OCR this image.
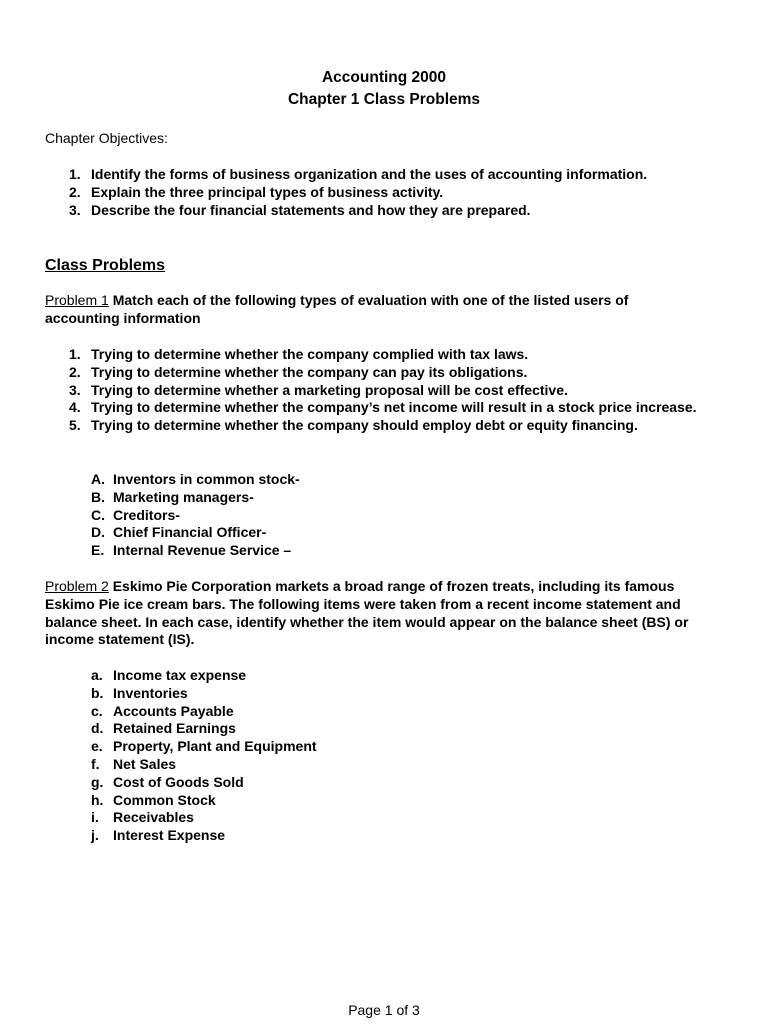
Accounting 2000
Chapter 1 Class Problems
Chapter Objectives:
1. Identify the forms of business organization and the uses of accounting information.
2. Explain the three principal types of business activity.
3. Describe the four financial statements and how they are prepared.
Class Problems
Problem 1 Match each of the following types of evaluation with one of the listed users of accounting information
1. Trying to determine whether the company complied with tax laws.
2. Trying to determine whether the company can pay its obligations.
3. Trying to determine whether a marketing proposal will be cost effective.
4. Trying to determine whether the company’s net income will result in a stock price increase.
5. Trying to determine whether the company should employ debt or equity financing.
A. Inventors in common stock-
B. Marketing managers-
C. Creditors-
D. Chief Financial Officer-
E. Internal Revenue Service –
Problem 2 Eskimo Pie Corporation markets a broad range of frozen treats, including its famous Eskimo Pie ice cream bars. The following items were taken from a recent income statement and balance sheet. In each case, identify whether the item would appear on the balance sheet (BS) or income statement (IS).
a. Income tax expense
b. Inventories
c. Accounts Payable
d. Retained Earnings
e. Property, Plant and Equipment
f. Net Sales
g. Cost of Goods Sold
h. Common Stock
i. Receivables
j. Interest Expense
Page 1 of 3
